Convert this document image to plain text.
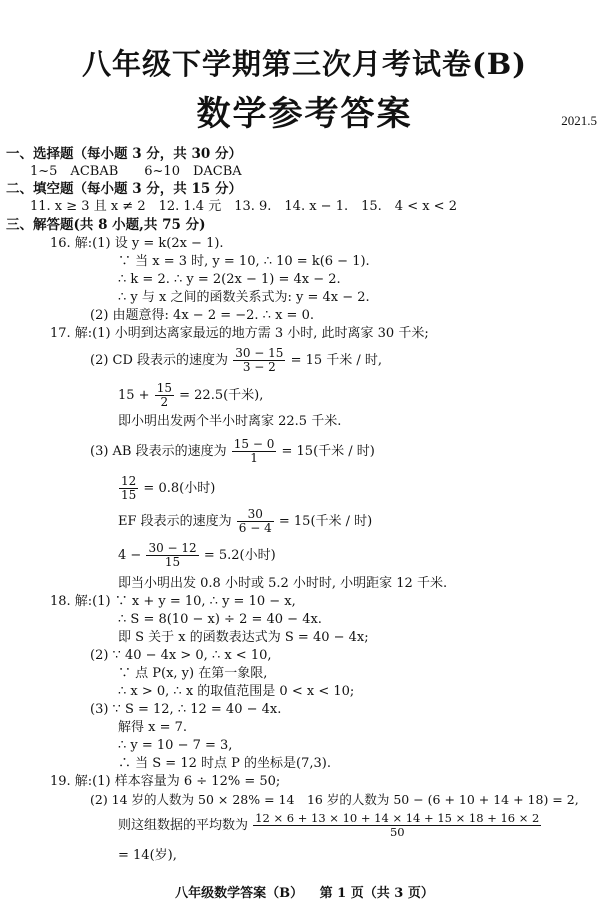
八年级下学期第三次月考试卷(B)
数学参考答案	2021.5
一、选择题（每小题 3 分，共 30 分）
1~5　ACBAB　　6~10　DACBA
二、填空题（每小题 3 分，共 15 分）
11. x ≥ 3 且 x ≠ 2　12. 1.4 元　13. 9.　14. x − 1.　15.　4 < x < 2
三、解答题(共 8 小题,共 75 分)
16. 解:(1) 设 y = k(2x − 1).
∵ 当 x = 3 时, y = 10, ∴ 10 = k(6 − 1).
∴ k = 2. ∴ y = 2(2x − 1) = 4x − 2.
∴ y 与 x 之间的函数关系式为: y = 4x − 2.
(2) 由题意得: 4x − 2 = −2. ∴ x = 0.
17. 解:(1) 小明到达离家最远的地方需 3 小时, 此时离家 30 千米;
(2) CD 段表示的速度为 $\frac{30 - 15}{3 - 2} = 15$ 千米 / 时,
$15 + \frac{15}{2} = 22.5$(千米),
即小明出发两个半小时离家 22.5 千米.
(3) AB 段表示的速度为 $\frac{15 - 0}{1} = 15$(千米 / 时)
$\frac{12}{15} = 0.8$(小时)
EF 段表示的速度为 $\frac{30}{6 - 4} = 15$(千米 / 时)
$4 - \frac{30 - 12}{15} = 5.2$(小时)
即当小明出发 0.8 小时或 5.2 小时时, 小明距家 12 千米.
18. 解:(1) ∵ x + y = 10, ∴ y = 10 − x,
∴ S = 8(10 − x) ÷ 2 = 40 − 4x.
即 S 关于 x 的函数表达式为 S = 40 − 4x;
(2) ∵ 40 − 4x > 0, ∴ x < 10,
∵ 点 P(x, y) 在第一象限,
∴ x > 0, ∴ x 的取值范围是 0 < x < 10;
(3) ∵ S = 12, ∴ 12 = 40 − 4x.
解得 x = 7.
∴ y = 10 − 7 = 3,
∴ 当 S = 12 时点 P 的坐标是(7,3).
19. 解:(1) 样本容量为 6 ÷ 12% = 50;
(2) 14 岁的人数为 50 × 28% = 14　16 岁的人数为 50 − (6 + 10 + 14 + 18) = 2,
则这组数据的平均数为 $\frac{12 \times 6 + 13 \times 10 + 14 \times 14 + 15 \times 18 + 16 \times 2}{50}$
= 14(岁),
八年级数学答案（B） 第 1 页（共 3 页）
